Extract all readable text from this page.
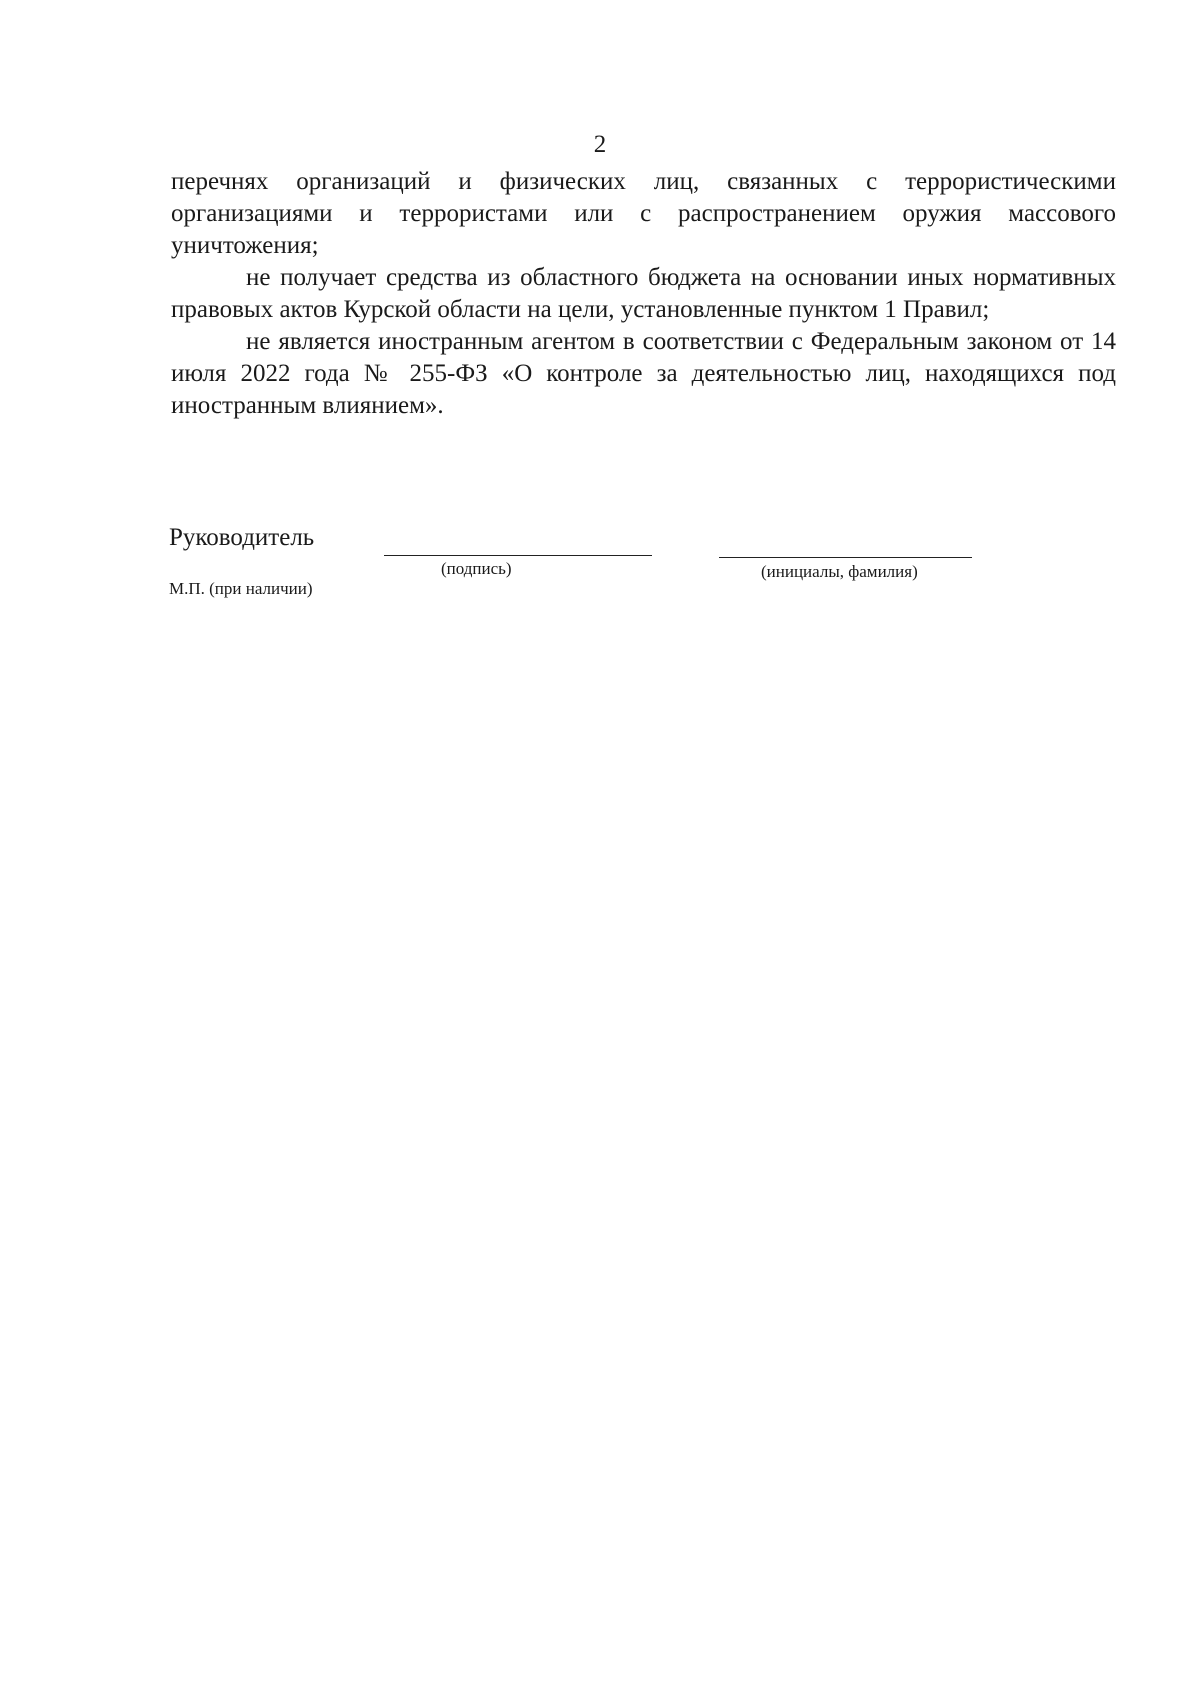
2

перечнях организаций и физических лиц, связанных с террористическими организациями и террористами или с распространением оружия массового уничтожения;

не получает средства из областного бюджета на основании иных нормативных правовых актов Курской области на цели, установленные пунктом 1 Правил;

не является иностранным агентом в соответствии с Федеральным законом от 14 июля 2022 года № 255-ФЗ «О контроле за деятельностью лиц, находящихся под иностранным влиянием».

Руководитель
(подпись)	(инициалы, фамилия)
М.П. (при наличии)
